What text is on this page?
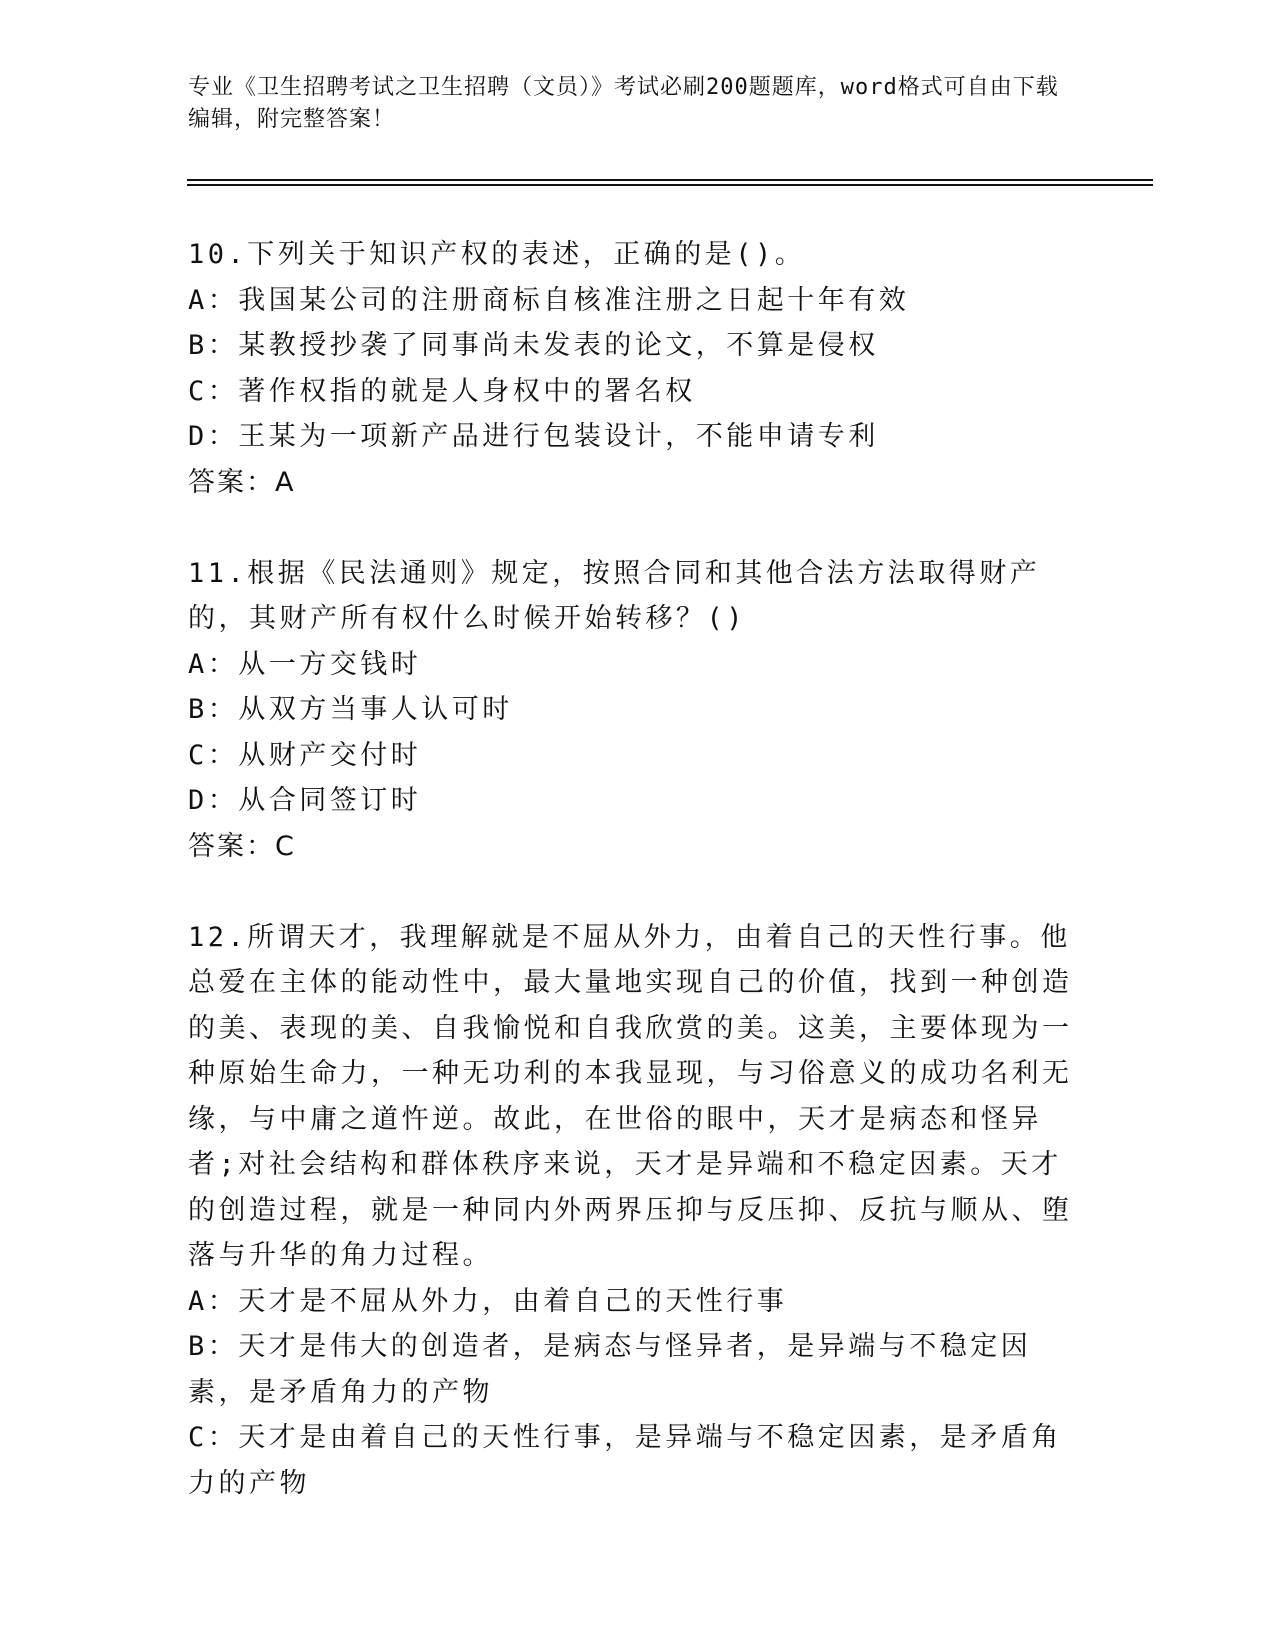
专业《卫生招聘考试之卫生招聘（文员）》考试必刷200题题库，word格式可自由下载编辑，附完整答案！
10.下列关于知识产权的表述，正确的是()。
A：我国某公司的注册商标自核准注册之日起十年有效
B：某教授抄袭了同事尚未发表的论文，不算是侵权
C：著作权指的就是人身权中的署名权
D：王某为一项新产品进行包装设计，不能申请专利
答案：A
11.根据《民法通则》规定，按照合同和其他合法方法取得财产的，其财产所有权什么时候开始转移？()
A：从一方交钱时
B：从双方当事人认可时
C：从财产交付时
D：从合同签订时
答案：C
12.所谓天才，我理解就是不屈从外力，由着自己的天性行事。他总爱在主体的能动性中，最大量地实现自己的价值，找到一种创造的美、表现的美、自我愉悦和自我欣赏的美。这美，主要体现为一种原始生命力，一种无功利的本我显现，与习俗意义的成功名利无缘，与中庸之道忤逆。故此，在世俗的眼中，天才是病态和怪异者;对社会结构和群体秩序来说，天才是异端和不稳定因素。天才的创造过程，就是一种同内外两界压抑与反压抑、反抗与顺从、堕落与升华的角力过程。
A：天才是不屈从外力，由着自己的天性行事
B：天才是伟大的创造者，是病态与怪异者，是异端与不稳定因素，是矛盾角力的产物
C：天才是由着自己的天性行事，是异端与不稳定因素，是矛盾角力的产物
